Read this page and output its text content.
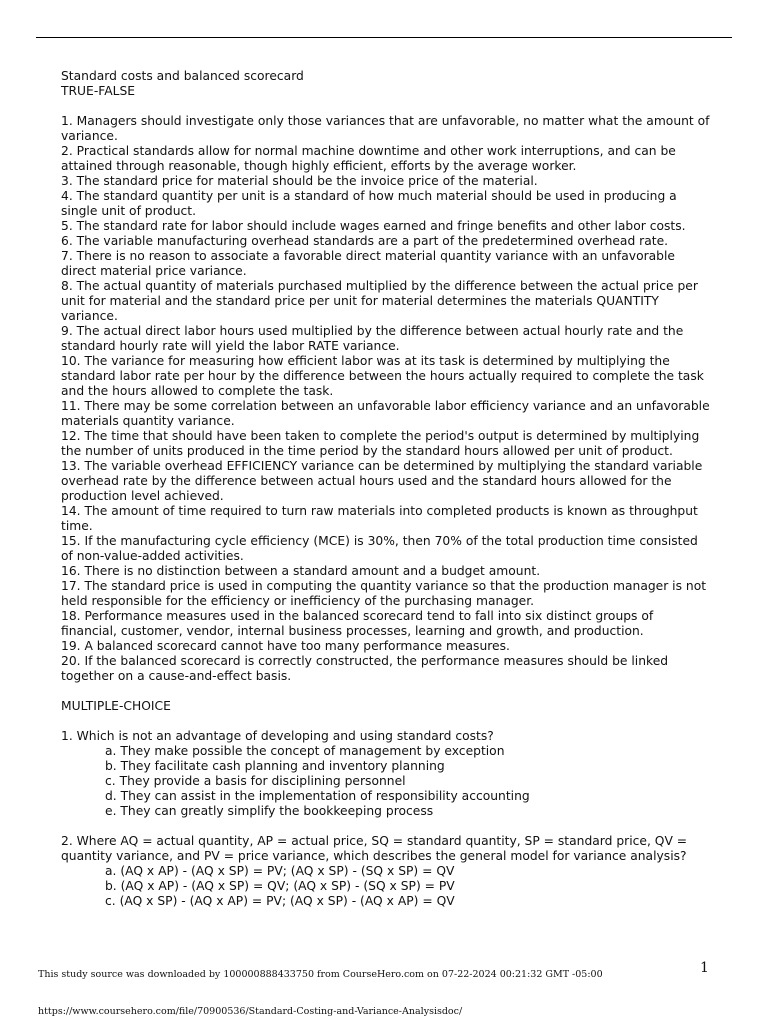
Standard costs and balanced scorecard

TRUE-FALSE

1. Managers should investigate only those variances that are unfavorable, no matter what the amount of variance.

2. Practical standards allow for normal machine downtime and other work interruptions, and can be attained through reasonable, though highly efficient, efforts by the average worker.

3. The standard price for material should be the invoice price of the material.

4. The standard quantity per unit is a standard of how much material should be used in producing a single unit of product.

5. The standard rate for labor should include wages earned and fringe benefits and other labor costs.

6. The variable manufacturing overhead standards are a part of the predetermined overhead rate.

7. There is no reason to associate a favorable direct material quantity variance with an unfavorable direct material price variance.

8. The actual quantity of materials purchased multiplied by the difference between the actual price per unit for material and the standard price per unit for material determines the materials QUANTITY variance.

9. The actual direct labor hours used multiplied by the difference between actual hourly rate and the standard hourly rate will yield the labor RATE variance.

10. The variance for measuring how efficient labor was at its task is determined by multiplying the standard labor rate per hour by the difference between the hours actually required to complete the task and the hours allowed to complete the task.

11. There may be some correlation between an unfavorable labor efficiency variance and an unfavorable materials quantity variance.

12. The time that should have been taken to complete the period's output is determined by multiplying the number of units produced in the time period by the standard hours allowed per unit of product.

13. The variable overhead EFFICIENCY variance can be determined by multiplying the standard variable overhead rate by the difference between actual hours used and the standard hours allowed for the production level achieved.

14. The amount of time required to turn raw materials into completed products is known as throughput time.

15. If the manufacturing cycle efficiency (MCE) is 30%, then 70% of the total production time consisted of non-value-added activities.

16. There is no distinction between a standard amount and a budget amount.

17. The standard price is used in computing the quantity variance so that the production manager is not held responsible for the efficiency or inefficiency of the purchasing manager.

18. Performance measures used in the balanced scorecard tend to fall into six distinct groups of financial, customer, vendor, internal business processes, learning and growth, and production.

19. A balanced scorecard cannot have too many performance measures.

20. If the balanced scorecard is correctly constructed, the performance measures should be linked together on a cause-and-effect basis.

MULTIPLE-CHOICE

1. Which is not an advantage of developing and using standard costs?

a. They make possible the concept of management by exception

b. They facilitate cash planning and inventory planning

c. They provide a basis for disciplining personnel

d. They can assist in the implementation of responsibility accounting

e. They can greatly simplify the bookkeeping process

2. Where AQ = actual quantity, AP = actual price, SQ = standard quantity, SP = standard price, QV = quantity variance, and PV = price variance, which describes the general model for variance analysis?

a. (AQ x AP) - (AQ x SP) = PV; (AQ x SP) - (SQ x SP) = QV

b. (AQ x AP) - (AQ x SP) = QV; (AQ x SP) - (SQ x SP) = PV

c. (AQ x SP) - (AQ x AP) = PV; (AQ x SP) - (AQ x AP) = QV

This study source was downloaded by 100000888433750 from CourseHero.com on 07-22-2024 00:21:32 GMT -05:00	1
https://www.coursehero.com/file/70900536/Standard-Costing-and-Variance-Analysisdoc/
